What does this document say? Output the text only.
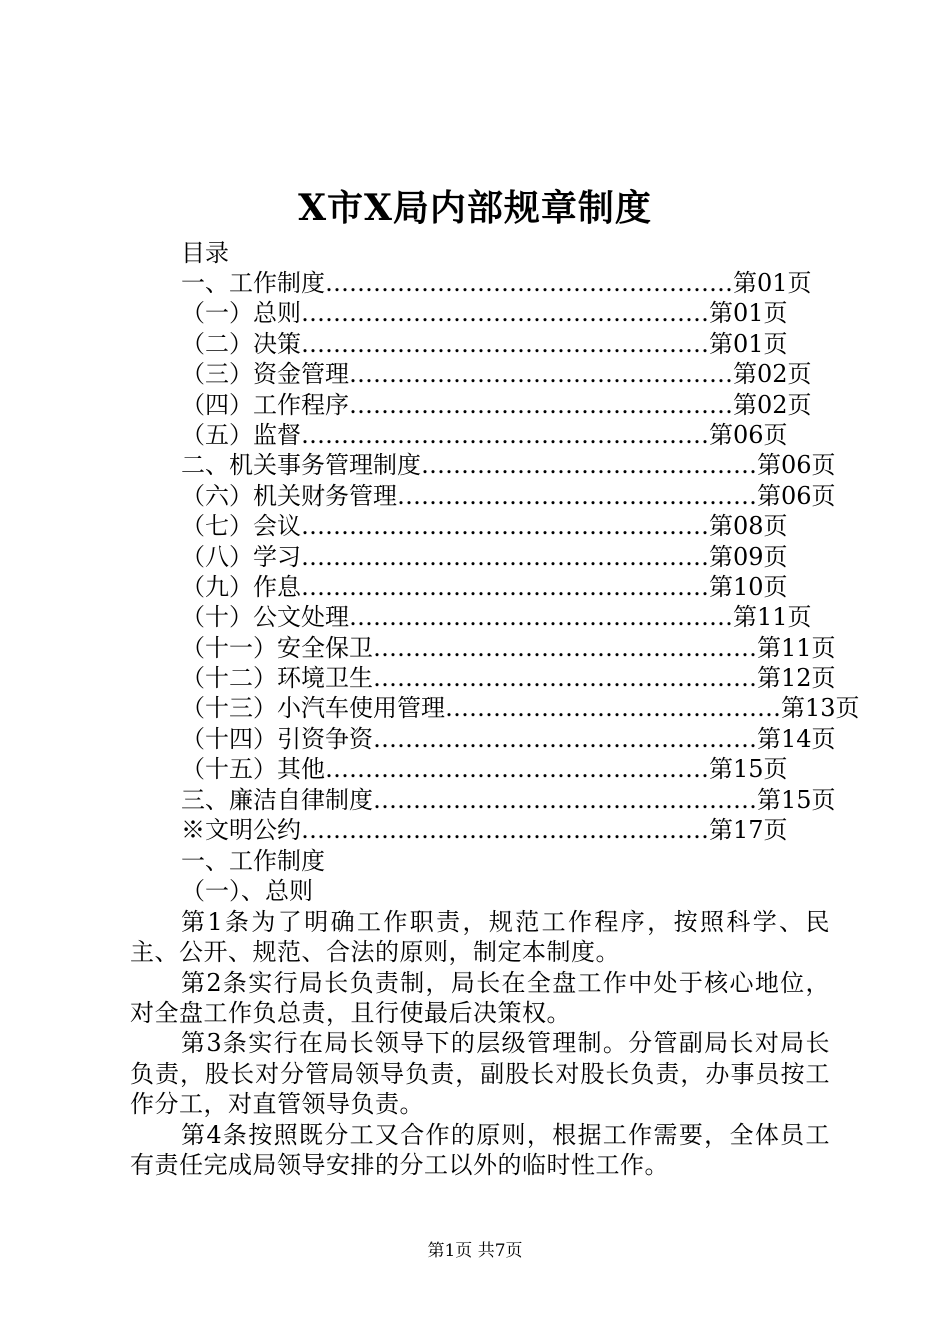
X市X局内部规章制度
目录
一、工作制度……………………………………………第01页
（一）总则……………………………………………第01页
（二）决策……………………………………………第01页
（三）资金管理…………………………………………第02页
（四）工作程序…………………………………………第02页
（五）监督……………………………………………第06页
二、机关事务管理制度……………………………………第06页
（六）机关财务管理………………………………………第06页
（七）会议……………………………………………第08页
（八）学习……………………………………………第09页
（九）作息……………………………………………第10页
（十）公文处理…………………………………………第11页
（十一）安全保卫…………………………………………第11页
（十二）环境卫生…………………………………………第12页
（十三）小汽车使用管理……………………………………第13页
（十四）引资争资…………………………………………第14页
（十五）其他…………………………………………第15页
三、廉洁自律制度…………………………………………第15页
※文明公约……………………………………………第17页
一、工作制度
（一）、总则
第1条为了明确工作职责，规范工作程序，按照科学、民主、公开、规范、合法的原则，制定本制度。
第2条实行局长负责制，局长在全盘工作中处于核心地位，对全盘工作负总责，且行使最后决策权。
第3条实行在局长领导下的层级管理制。分管副局长对局长负责，股长对分管局领导负责，副股长对股长负责，办事员按工作分工，对直管领导负责。
第4条按照既分工又合作的原则，根据工作需要，全体员工有责任完成局领导安排的分工以外的临时性工作。
第1页 共7页
